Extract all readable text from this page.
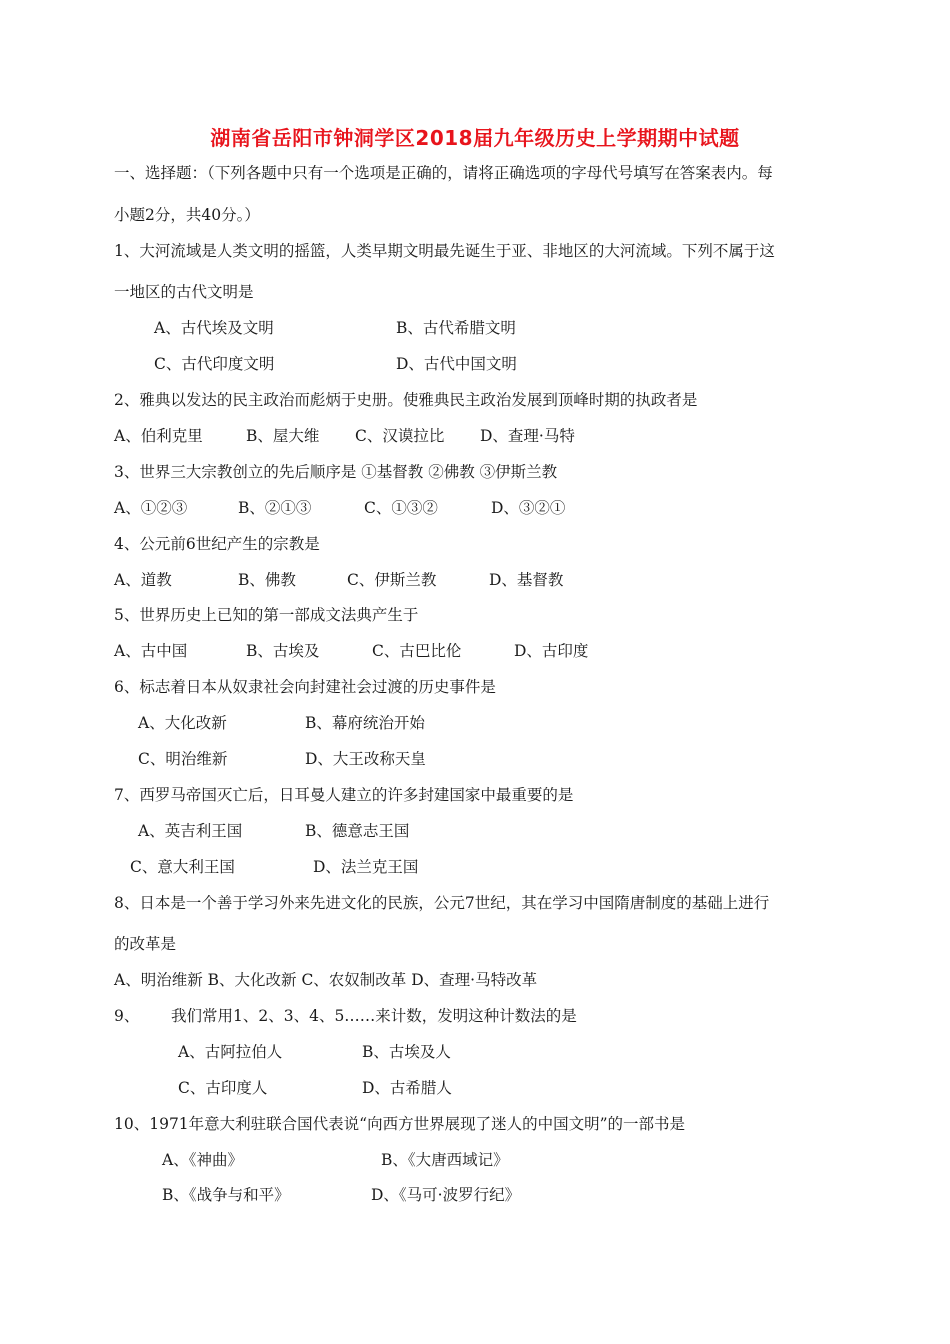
湖南省岳阳市钟洞学区2018届九年级历史上学期期中试题
一、选择题：（下列各题中只有一个选项是正确的，请将正确选项的字母代号填写在答案表内。每
小题2分，共40分。）
1、大河流域是人类文明的摇篮，人类早期文明最先诞生于亚、非地区的大河流域。下列不属于这
一地区的古代文明是
A、古代埃及文明	B、古代希腊文明
C、古代印度文明	D、古代中国文明
2、雅典以发达的民主政治而彪炳于史册。使雅典民主政治发展到顶峰时期的执政者是
A、伯利克里	B、屋大维 C、汉谟拉比 D、查理·马特
3、世界三大宗教创立的先后顺序是 ①基督教 ②佛教 ③伊斯兰教
A、①②③	B、②①③	C、①③②	D、③②①
4、公元前6世纪产生的宗教是
A、道教	B、佛教	C、伊斯兰教	D、基督教
5、世界历史上已知的第一部成文法典产生于
A、古中国	B、古埃及	C、古巴比伦	D、古印度
6、标志着日本从奴隶社会向封建社会过渡的历史事件是
A、大化改新	B、幕府统治开始
C、明治维新	D、大王改称天皇
7、西罗马帝国灭亡后，日耳曼人建立的许多封建国家中最重要的是
A、英吉利王国	B、德意志王国
C、意大利王国	D、法兰克王国
8、日本是一个善于学习外来先进文化的民族，公元7世纪，其在学习中国隋唐制度的基础上进行
的改革是
A、明治维新 B、大化改新 C、农奴制改革 D、查理·马特改革
9、 我们常用1、2、3、4、5……来计数，发明这种计数法的是
A、古阿拉伯人	B、古埃及人
C、古印度人	D、古希腊人
10、1971年意大利驻联合国代表说“向西方世界展现了迷人的中国文明”的一部书是
A、《神曲》	B、《大唐西域记》
B、《战争与和平》	D、《马可·波罗行纪》
